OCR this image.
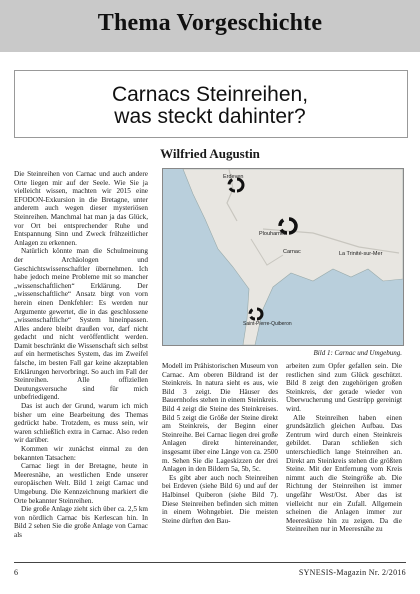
Thema Vorgeschichte
Carnacs Steinreihen,
was steckt dahinter?
Wilfried Augustin

Die Steinreihen von Carnac und auch andere Orte liegen mir auf der Seele. Wie Sie ja vielleicht wissen, machten wir 2015 eine EFODON-Exkursion in die Bretagne, unter anderem auch wegen dieser mysteriösen Steinreihen. Manchmal hat man ja das Glück, vor Ort bei entsprechender Ruhe und Entspannung Sinn und Zweck frühzeitlicher Anlagen zu erkennen.

Natürlich könnte man die Schulmeinung der Archäologen und Geschichtswissenschaftler übernehmen. Ich habe jedoch meine Probleme mit so mancher „wissenschaftlichen“ Erklärung. Der „wissenschaftliche“ Ansatz birgt von vorn herein einen Denkfehler: Es werden nur Argumente gewertet, die in das geschlossene „wissenschaftliche“ System hineinpassen. Alles andere bleibt draußen vor, darf nicht gedacht und nicht veröffentlicht werden. Damit beschränkt die Wissenschaft sich selbst auf ein hermetisches System, das im Zweifel falsche, im besten Fall gar keine akzeptablen Erklärungen hervorbringt. So auch im Fall der Steinreihen. Alle offiziellen Deutungsversuche sind für mich unbefriedigend.

Das ist auch der Grund, warum ich mich bisher um eine Bearbeitung des Themas gedrückt habe. Trotzdem, es muss sein, wir waren schließlich extra in Carnac. Also reden wir darüber.

Kommen wir zunächst einmal zu den bekannten Tatsachen:

Carnac liegt in der Bretagne, heute in Meeresnähe, an westlichen Ende unserer europäischen Welt. Bild 1 zeigt Carnac und Umgebung. Die Kennzeichnung markiert die Orte bekannter Steinreihen.

Die große Anlage zieht sich über ca. 2,5 km von nördlich Carnac bis Kerlescan hin. In Bild 2 sehen Sie die große Anlage von Carnac als

Erdeven
Plouharnel
Carnac	La Trinité-sur-Mer
Saint-Pierre-Quiberon
Bild 1: Carnac und Umgebung.

Modell im Prähistorischen Museum von Carnac. Am oberen Bildrand ist der Steinkreis. In natura sieht es aus, wie Bild 3 zeigt. Die Häuser des Bauernhofes stehen in einem Steinkreis. Bild 4 zeigt die Steine des Steinkreises. Bild 5 zeigt die Größe der Steine direkt am Steinkreis, der Beginn einer Steinreihe. Bei Carnac liegen drei große Anlagen direkt hintereinander, insgesamt über eine Länge von ca. 2500 m. Sehen Sie die Lageskizzen der drei Anlagen in den Bildern 5a, 5b, 5c.

Es gibt aber auch noch Steinreihen bei Erdeven (siehe Bild 6) und auf der Halbinsel Quiberon (siehe Bild 7). Diese Steinreihen befinden sich mitten in einem Wohngebiet. Die meisten Steine dürften den Bau-

arbeiten zum Opfer gefallen sein. Die restlichen sind zum Glück geschützt. Bild 8 zeigt den zugehörigen großen Steinkreis, der gerade wieder von Überwucherung und Gestrüpp gereinigt wird.

Alle Steinreihen haben einen grundsätzlich gleichen Aufbau. Das Zentrum wird durch einen Steinkreis gebildet. Daran schließen sich unterschiedlich lange Steinreihen an. Direkt am Steinkreis stehen die größten Steine. Mit der Entfernung vom Kreis nimmt auch die Steingröße ab. Die Richtung der Steinreihen ist immer ungefähr West/Ost. Aber das ist vielleicht nur ein Zufall. Allgemein scheinen die Anlagen immer zur Meeresküste hin zu zeigen. Da die Steinreihen nur in Meeresnähe zu

6	SYNESIS-Magazin Nr. 2/2016
